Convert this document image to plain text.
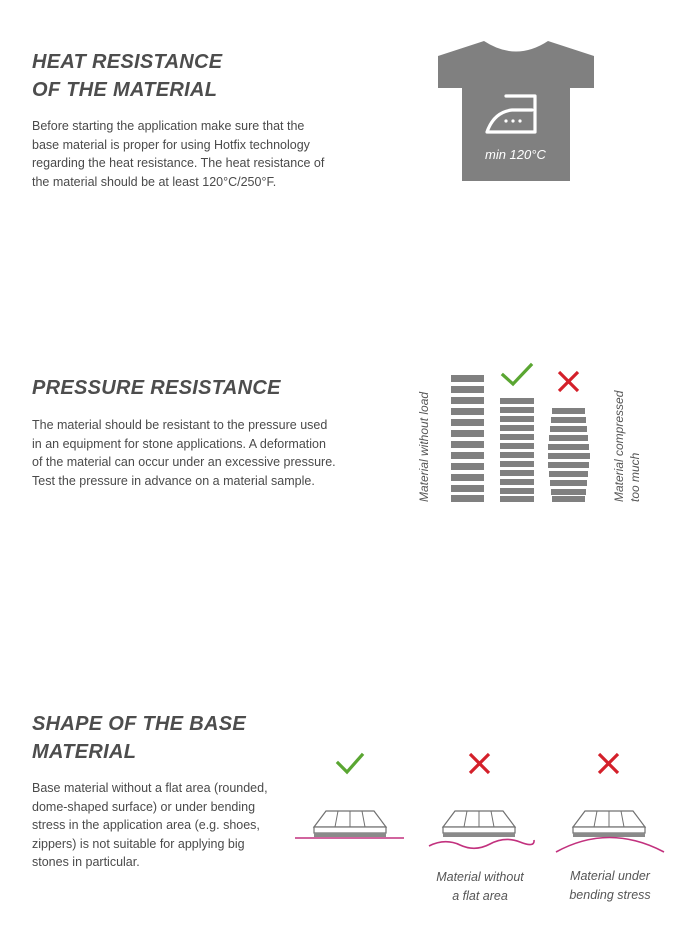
HEAT RESISTANCE
OF THE MATERIAL

Before starting the application make sure that the
base material is proper for using Hotfix technology
regarding the heat resistance. The heat resistance of
the material should be at least 120°C/250°F.

min 120°C
PRESSURE RESISTANCE

The material should be resistant to the pressure used
in an equipment for stone applications. A deformation
of the material can occur under an excessive pressure.
Test the pressure in advance on a material sample.	Material without load	Material compressed too much
SHAPE OF THE BASE
MATERIAL

Base material without a flat area (rounded,
dome-shaped surface) or under bending
stress in the application area (e.g. shoes,
zippers) is not suitable for applying big
stones in particular.

Material without
a flat area
Material under
bending stress
